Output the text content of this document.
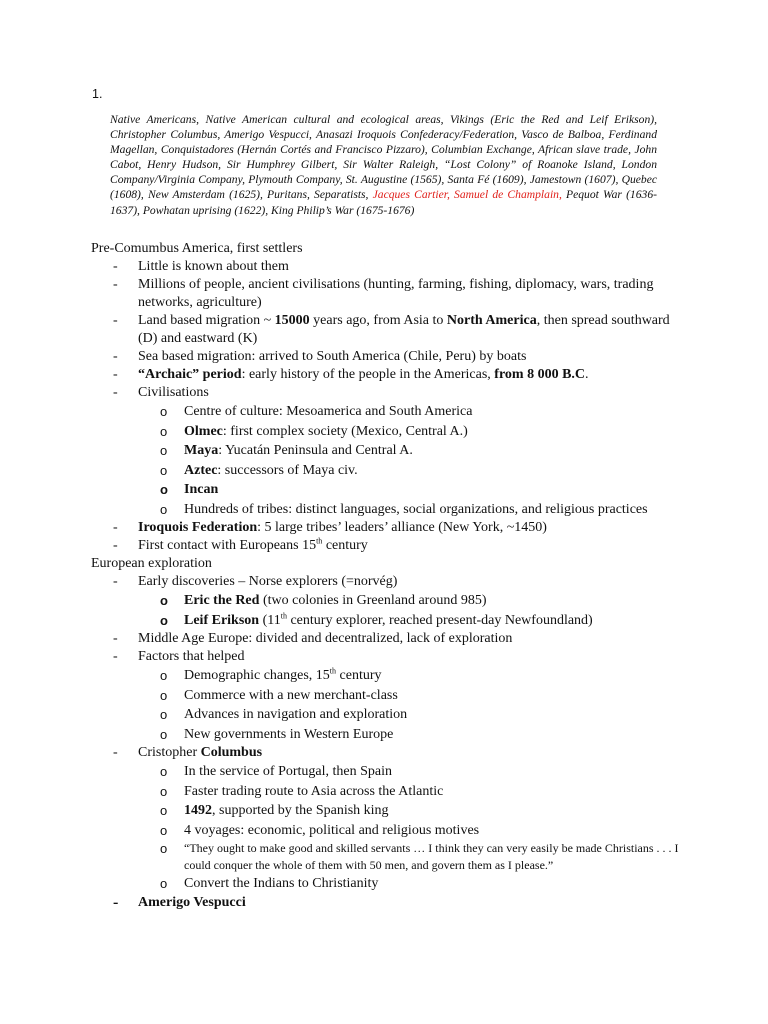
1.
Native Americans, Native American cultural and ecological areas, Vikings (Eric the Red and Leif Erikson), Christopher Columbus, Amerigo Vespucci, Anasazi Iroquois Confederacy/Federation, Vasco de Balboa, Ferdinand Magellan, Conquistadores (Hernán Cortés and Francisco Pizzaro), Columbian Exchange, African slave trade, John Cabot, Henry Hudson, Sir Humphrey Gilbert, Sir Walter Raleigh, “Lost Colony” of Roanoke Island, London Company/Virginia Company, Plymouth Company, St. Augustine (1565), Santa Fé (1609), Jamestown (1607), Quebec (1608), New Amsterdam (1625), Puritans, Separatists, Jacques Cartier, Samuel de Champlain, Pequot War (1636-1637), Powhatan uprising (1622), King Philip’s War (1675-1676)
Pre-Comumbus America, first settlers
- Little is known about them
- Millions of people, ancient civilisations (hunting, farming, fishing, diplomacy, wars, trading networks, agriculture)
- Land based migration ~ 15000 years ago, from Asia to North America, then spread southward (D) and eastward (K)
- Sea based migration: arrived to South America (Chile, Peru) by boats
- “Archaic” period: early history of the people in the Americas, from 8 000 B.C.
- Civilisations
o Centre of culture: Mesoamerica and South America
o Olmec: first complex society (Mexico, Central A.)
o Maya: Yucatán Peninsula and Central A.
o Aztec: successors of Maya civ.
o Incan
o Hundreds of tribes: distinct languages, social organizations, and religious practices
- Iroquois Federation: 5 large tribes’ leaders’ alliance (New York, ~1450)
- First contact with Europeans 15th century
European exploration
- Early discoveries – Norse explorers (=norvég)
o Eric the Red (two colonies in Greenland around 985)
o Leif Erikson (11th century explorer, reached present-day Newfoundland)
- Middle Age Europe: divided and decentralized, lack of exploration
- Factors that helped
o Demographic changes, 15th century
o Commerce with a new merchant-class
o Advances in navigation and exploration
o New governments in Western Europe
- Cristopher Columbus
o In the service of Portugal, then Spain
o Faster trading route to Asia across the Atlantic
o 1492, supported by the Spanish king
o 4 voyages: economic, political and religious motives
o “They ought to make good and skilled servants … I think they can very easily be made Christians . . . I could conquer the whole of them with 50 men, and govern them as I please.”
o Convert the Indians to Christianity
- Amerigo Vespucci
